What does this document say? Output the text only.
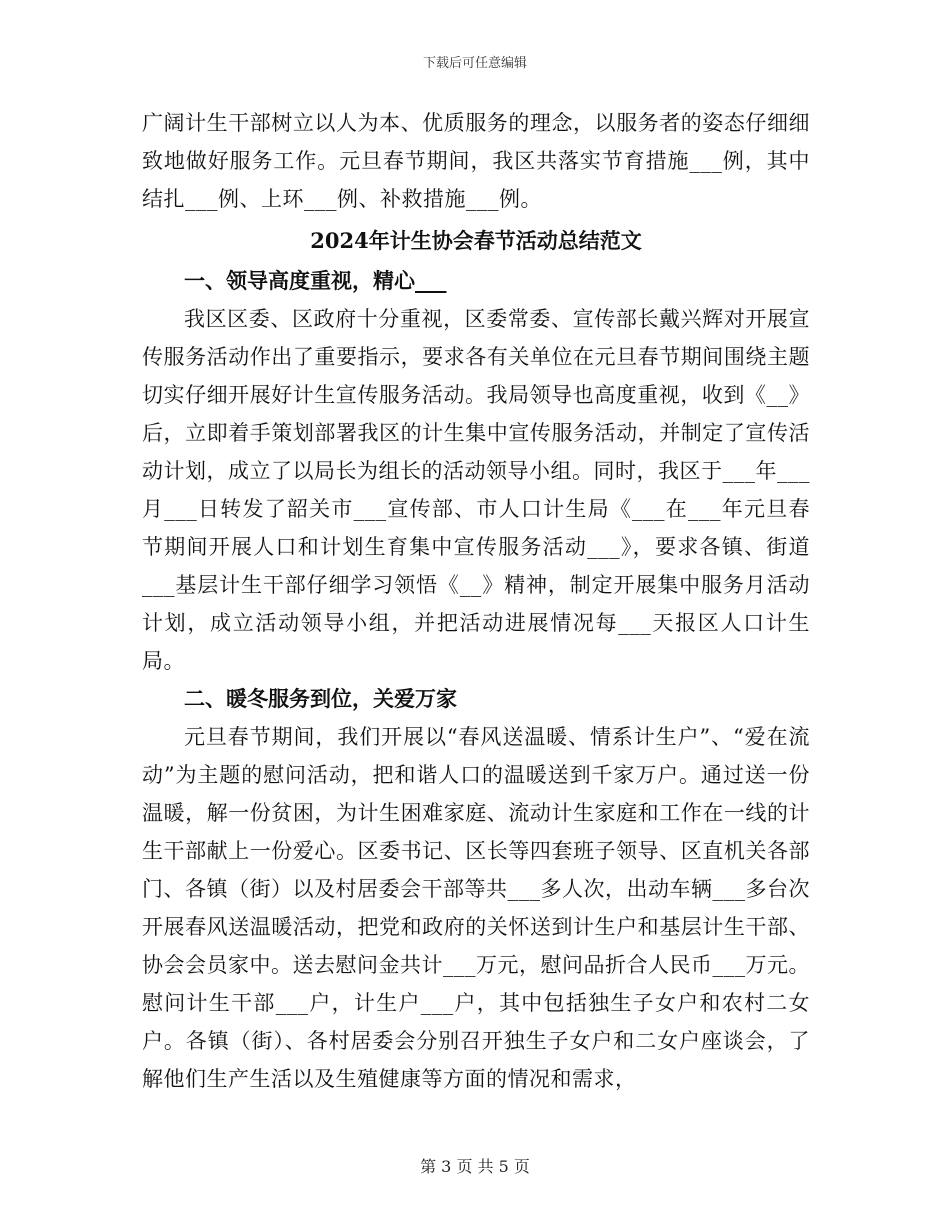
下载后可任意编辑

广阔计生干部树立以人为本、优质服务的理念，以服务者的姿态仔细细致地做好服务工作。元旦春节期间，我区共落实节育措施___例，其中结扎___例、上环___例、补救措施___例。

2024年计生协会春节活动总结范文
一、领导高度重视，精心___

我区区委、区政府十分重视，区委常委、宣传部长戴兴辉对开展宣传服务活动作出了重要指示，要求各有关单位在元旦春节期间围绕主题切实仔细开展好计生宣传服务活动。我局领导也高度重视，收到《__》后，立即着手策划部署我区的计生集中宣传服务活动，并制定了宣传活动计划，成立了以局长为组长的活动领导小组。同时，我区于___年___月___日转发了韶关市___宣传部、市人口计生局《___在___年元旦春节期间开展人口和计划生育集中宣传服务活动___》，要求各镇、街道___基层计生干部仔细学习领悟《__》精神，制定开展集中服务月活动计划，成立活动领导小组，并把活动进展情况每___天报区人口计生局。

二、暖冬服务到位，关爱万家

元旦春节期间，我们开展以“春风送温暖、情系计生户”、“爱在流动”为主题的慰问活动，把和谐人口的温暖送到千家万户。通过送一份温暖，解一份贫困，为计生困难家庭、流动计生家庭和工作在一线的计生干部献上一份爱心。区委书记、区长等四套班子领导、区直机关各部门、各镇（街）以及村居委会干部等共___多人次，出动车辆___多台次开展春风送温暖活动，把党和政府的关怀送到计生户和基层计生干部、协会会员家中。送去慰问金共计___万元，慰问品折合人民币___万元。慰问计生干部___户，计生户___户，其中包括独生子女户和农村二女户。各镇（街）、各村居委会分别召开独生子女户和二女户座谈会，了解他们生产生活以及生殖健康等方面的情况和需求，

第 3 页 共 5 页
